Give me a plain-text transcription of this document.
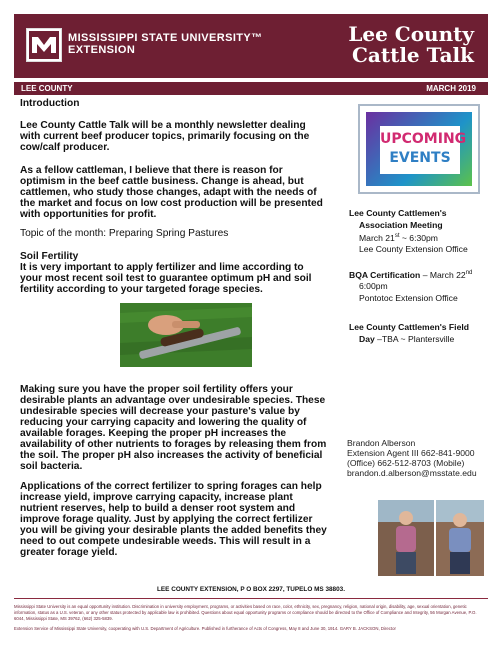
MISSISSIPPI STATE UNIVERSITY™
EXTENSION
Lee County
Cattle Talk
LEE COUNTY	MARCH 2019

Introduction

Lee County Cattle Talk will be a monthly newsletter dealing with current beef producer topics, primarily focusing on the cow/calf producer.

As a fellow cattleman, I believe that there is reason for optimism in the beef cattle business. Change is ahead, but cattlemen, who study those changes, adapt with the needs of the market and focus on low cost production will be presented with opportunities for profit.

Topic of the month: Preparing Spring Pastures

Soil Fertility

It is very important to apply fertilizer and lime according to your most recent soil test to guarantee optimum pH and soil fertility according to your targeted forage species.

Making sure you have the proper soil fertility offers your desirable plants an advantage over undesirable species. These undesirable species will decrease your pasture's value by reducing your carrying capacity and lowering the quality of available forages. Keeping the proper pH increases the availability of other nutrients to forages by releasing them from the soil. The proper pH also increases the activity of beneficial soil bacteria.

Applications of the correct fertilizer to spring forages can help increase yield, improve carrying capacity, increase plant nutrient reserves, help to build a denser root system and improve forage quality. Just by applying the correct fertilizer you will be giving your desirable plants the added benefits they need to out compete undesirable weeds. This will result in a greater forage yield.

UPCOMING
EVENTS
Lee County Cattlemen's
Association Meeting
March 21st ~ 6:30pm
Lee County Extension Office
BQA Certification – March 22nd
6:00pm
Pontotoc Extension Office
Lee County Cattlemen's Field
Day –TBA ~ Plantersville
Brandon Alberson
Extension Agent III 662-841-9000
(Office) 662-512-8703 (Mobile)
brandon.d.alberson@msstate.edu
LEE COUNTY EXTENSION, P O BOX 2297, TUPELO MS 38803.
Mississippi State University is an equal opportunity institution. Discrimination in university employment, programs, or activities based on race, color, ethnicity, sex, pregnancy, religion, national origin, disability, age, sexual orientation, genetic information, status as a U.S. veteran, or any other status protected by applicable law is prohibited. Questions about equal opportunity programs or compliance should be directed to the Office of Compliance and Integrity, 56 Morgan Avenue, P.O. 6044, Mississippi State, MS 39762, (662) 325-5839.
Extension Service of Mississippi State University, cooperating with U.S. Department of Agriculture. Published in furtherance of Acts of Congress, May 8 and June 30, 1914. GARY B. JACKSON, Director
